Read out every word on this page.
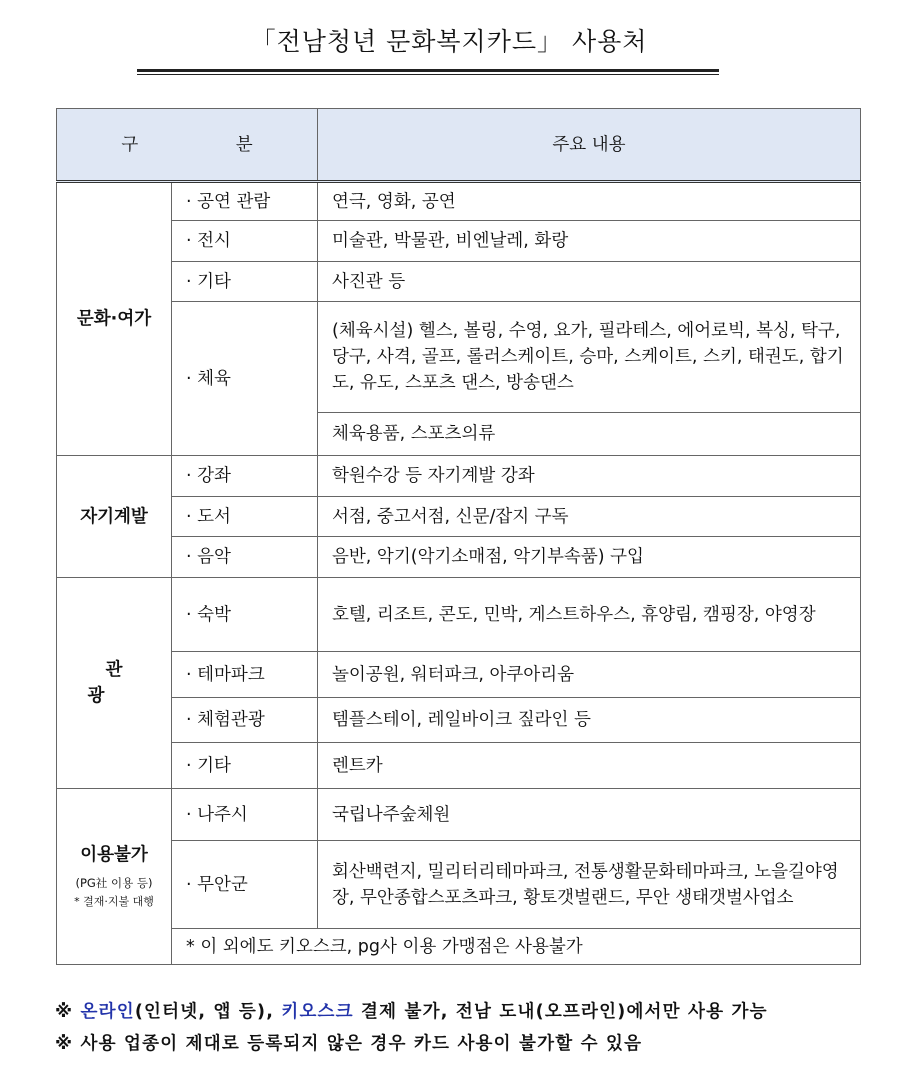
「전남청년 문화복지카드」 사용처
구 분		주요 내용
문화·여가	· 공연 관람	연극, 영화, 공연
	· 전시	미술관, 박물관, 비엔날레, 화랑
	· 기타	사진관 등
	· 체육	(체육시설) 헬스, 볼링, 수영, 요가, 필라테스, 에어로빅, 복싱, 탁구, 당구, 사격, 골프, 롤러스케이트, 승마, 스케이트, 스키, 태권도, 합기도, 유도, 스포츠 댄스, 방송댄스
		체육용품, 스포츠의류
자기계발	· 강좌	학원수강 등 자기계발 강좌
	· 도서	서점, 중고서점, 신문/잡지 구독
	· 음악	음반, 악기(악기소매점, 악기부속품) 구입
관 광	· 숙박	호텔, 리조트, 콘도, 민박, 게스트하우스, 휴양림, 캠핑장, 야영장
	· 테마파크	놀이공원, 워터파크, 아쿠아리움
	· 체험관광	템플스테이, 레일바이크 짚라인 등
	· 기타	렌트카
이용불가
(PG社 이용 등)
* 결재·지불 대행	· 나주시	국립나주숲체원
	· 무안군	회산백련지, 밀리터리테마파크, 전통생활문화테마파크, 노을길야영장, 무안종합스포츠파크, 황토갯벌랜드, 무안 생태갯벌사업소
	* 이 외에도 키오스크, pg사 이용 가맹점은 사용불가	
※ 온라인(인터넷, 앱 등), 키오스크 결제 불가, 전남 도내(오프라인)에서만 사용 가능
※ 사용 업종이 제대로 등록되지 않은 경우 카드 사용이 불가할 수 있음
